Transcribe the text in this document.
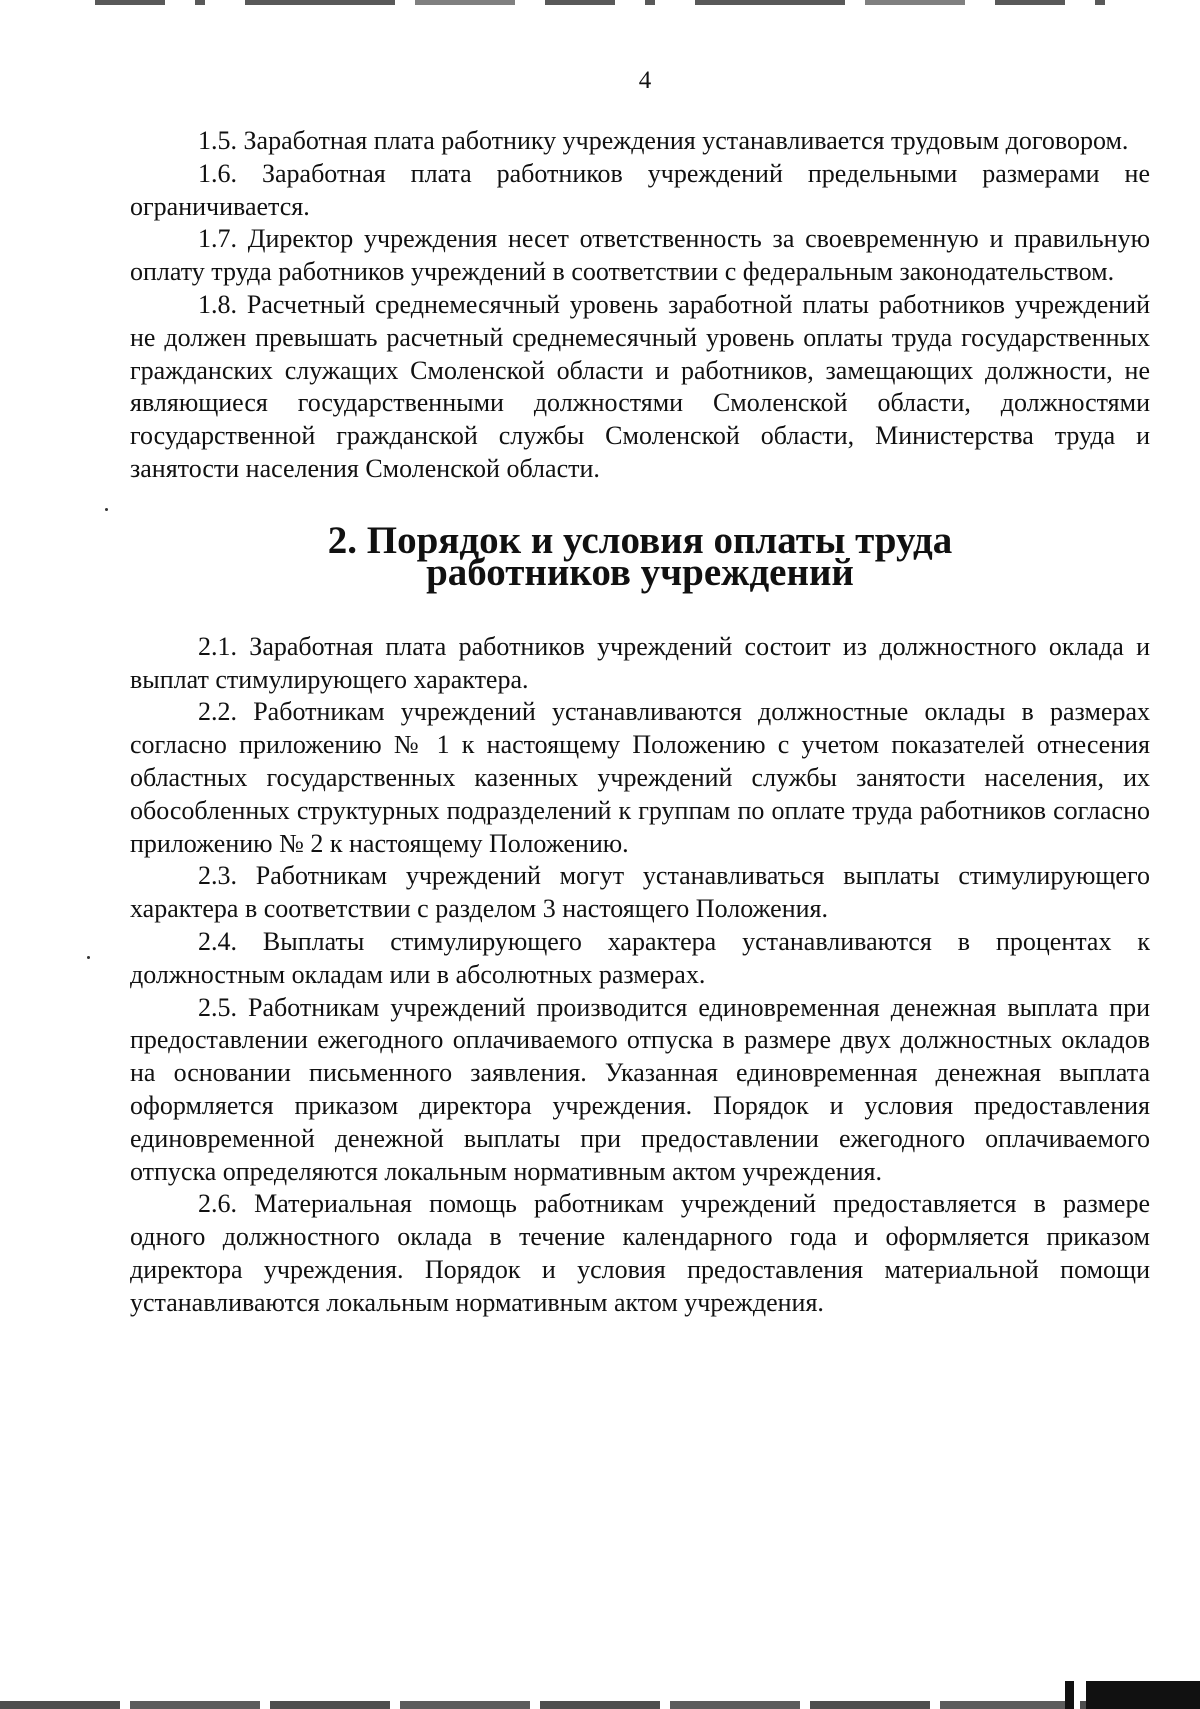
4

1.5. Заработная плата работнику учреждения устанавливается трудовым договором.

1.6. Заработная плата работников учреждений предельными размерами не ограничивается.

1.7. Директор учреждения несет ответственность за своевременную и правильную оплату труда работников учреждений в соответствии с федеральным законодательством.

1.8. Расчетный среднемесячный уровень заработной платы работников учреждений не должен превышать расчетный среднемесячный уровень оплаты труда государственных гражданских служащих Смоленской области и работников, замещающих должности, не являющиеся государственными должностями Смоленской области, должностями государственной гражданской службы Смоленской области, Министерства труда и занятости населения Смоленской области.

2. Порядок и условия оплаты труда
работников учреждений

2.1. Заработная плата работников учреждений состоит из должностного оклада и выплат стимулирующего характера.

2.2. Работникам учреждений устанавливаются должностные оклады в размерах согласно приложению № 1 к настоящему Положению с учетом показателей отнесения областных государственных казенных учреждений службы занятости населения, их обособленных структурных подразделений к группам по оплате труда работников согласно приложению № 2 к настоящему Положению.

2.3. Работникам учреждений могут устанавливаться выплаты стимулирующего характера в соответствии с разделом 3 настоящего Положения.

2.4. Выплаты стимулирующего характера устанавливаются в процентах к должностным окладам или в абсолютных размерах.

2.5. Работникам учреждений производится единовременная денежная выплата при предоставлении ежегодного оплачиваемого отпуска в размере двух должностных окладов на основании письменного заявления. Указанная единовременная денежная выплата оформляется приказом директора учреждения. Порядок и условия предоставления единовременной денежной выплаты при предоставлении ежегодного оплачиваемого отпуска определяются локальным нормативным актом учреждения.

2.6. Материальная помощь работникам учреждений предоставляется в размере одного должностного оклада в течение календарного года и оформляется приказом директора учреждения. Порядок и условия предоставления материальной помощи устанавливаются локальным нормативным актом учреждения.
